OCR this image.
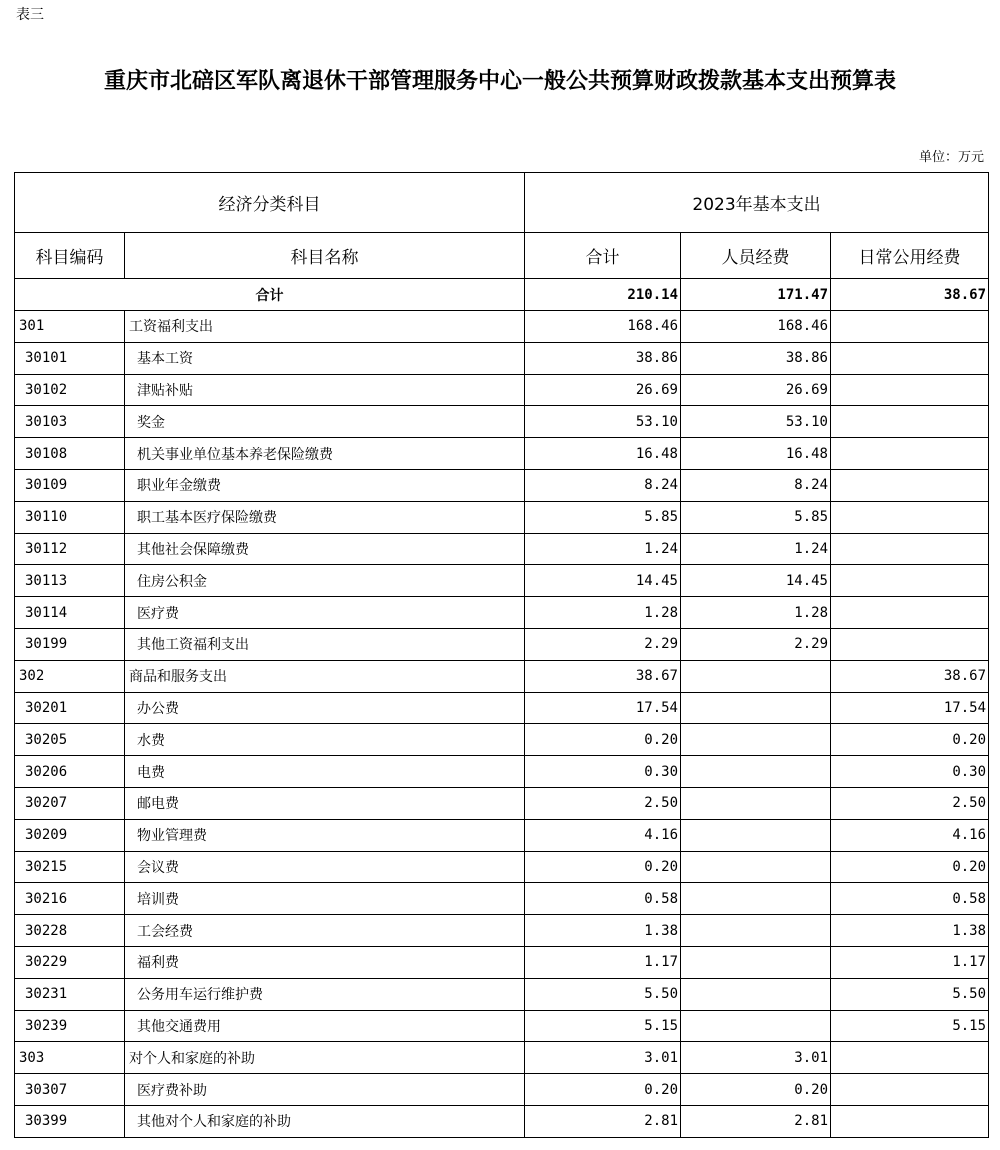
表三
重庆市北碚区军队离退休干部管理服务中心一般公共预算财政拨款基本支出预算表
单位：万元
经济分类科目		2023年基本支出		
科目编码	科目名称	合计	人员经费	日常公用经费
合计		210.14	171.47	38.67
301	工资福利支出	168.46	168.46	
30101	基本工资	38.86	38.86	
30102	津贴补贴	26.69	26.69	
30103	奖金	53.10	53.10	
30108	机关事业单位基本养老保险缴费	16.48	16.48	
30109	职业年金缴费	8.24	8.24	
30110	职工基本医疗保险缴费	5.85	5.85	
30112	其他社会保障缴费	1.24	1.24	
30113	住房公积金	14.45	14.45	
30114	医疗费	1.28	1.28	
30199	其他工资福利支出	2.29	2.29	
302	商品和服务支出	38.67		38.67
30201	办公费	17.54		17.54
30205	水费	0.20		0.20
30206	电费	0.30		0.30
30207	邮电费	2.50		2.50
30209	物业管理费	4.16		4.16
30215	会议费	0.20		0.20
30216	培训费	0.58		0.58
30228	工会经费	1.38		1.38
30229	福利费	1.17		1.17
30231	公务用车运行维护费	5.50		5.50
30239	其他交通费用	5.15		5.15
303	对个人和家庭的补助	3.01	3.01	
30307	医疗费补助	0.20	0.20	
30399	其他对个人和家庭的补助	2.81	2.81	
